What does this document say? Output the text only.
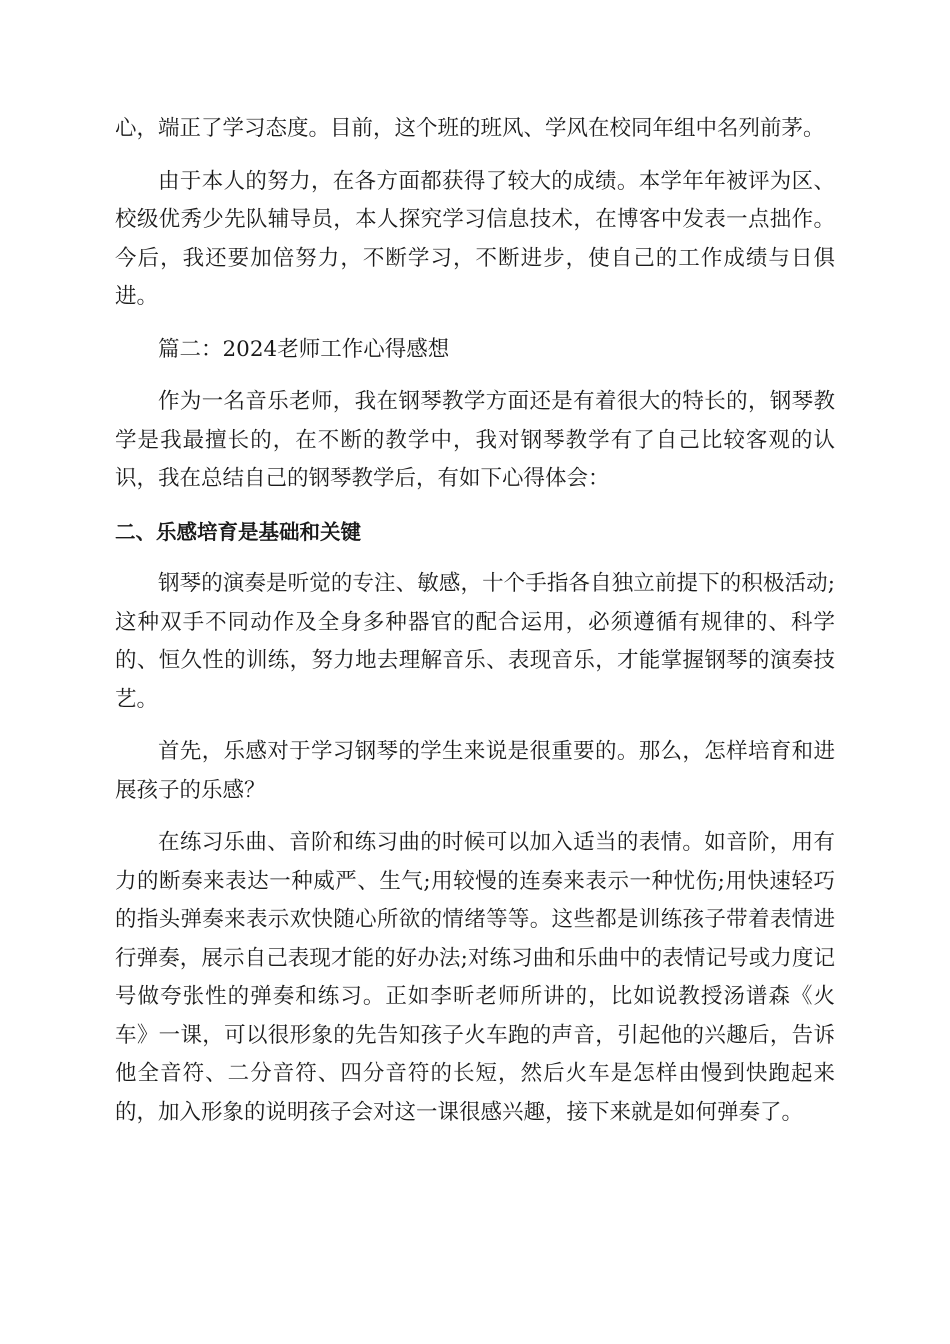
心，端正了学习态度。目前，这个班的班风、学风在校同年组中名列前茅。

由于本人的努力，在各方面都获得了较大的成绩。本学年年被评为区、校级优秀少先队辅导员，本人探究学习信息技术，在博客中发表一点拙作。今后，我还要加倍努力，不断学习，不断进步，使自己的工作成绩与日俱进。

篇二：2024老师工作心得感想

作为一名音乐老师，我在钢琴教学方面还是有着很大的特长的，钢琴教学是我最擅长的，在不断的教学中，我对钢琴教学有了自己比较客观的认识，我在总结自己的钢琴教学后，有如下心得体会：

二、乐感培育是基础和关键

钢琴的演奏是听觉的专注、敏感，十个手指各自独立前提下的积极活动;这种双手不同动作及全身多种器官的配合运用，必须遵循有规律的、科学的、恒久性的训练，努力地去理解音乐、表现音乐，才能掌握钢琴的演奏技艺。

首先，乐感对于学习钢琴的学生来说是很重要的。那么，怎样培育和进展孩子的乐感？

在练习乐曲、音阶和练习曲的时候可以加入适当的表情。如音阶，用有力的断奏来表达一种威严、生气;用较慢的连奏来表示一种忧伤;用快速轻巧的指头弹奏来表示欢快随心所欲的情绪等等。这些都是训练孩子带着表情进行弹奏，展示自己表现才能的好办法;对练习曲和乐曲中的表情记号或力度记号做夸张性的弹奏和练习。正如李昕老师所讲的，比如说教授汤谱森《火车》一课，可以很形象的先告知孩子火车跑的声音，引起他的兴趣后，告诉他全音符、二分音符、四分音符的长短，然后火车是怎样由慢到快跑起来的，加入形象的说明孩子会对这一课很感兴趣，接下来就是如何弹奏了。
